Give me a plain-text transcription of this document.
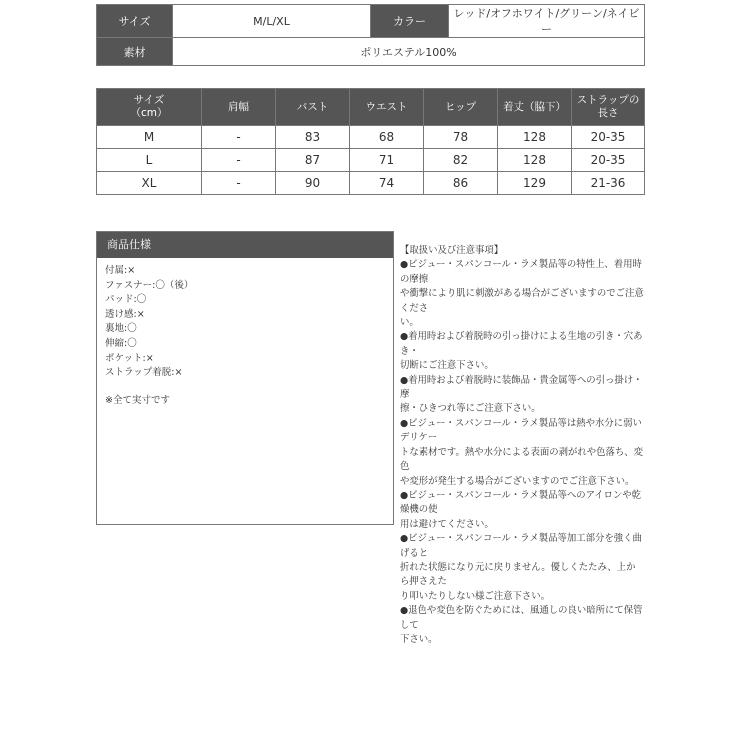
サイズ	M/L/XL	カラー	レッド/オフホワイト/グリーン/ネイビー
素材	ポリエステル100%		
サイズ
（cm）	肩幅	バスト	ウエスト	ヒップ	着丈（脇下）	ストラップの長さ
M	-	83	68	78	128	20-35
L	-	87	71	82	128	20-35
XL	-	90	74	86	129	21-36
商品仕様
付属:×
ファスナー:〇（後）
パッド:〇
透け感:×
裏地:〇
伸縮:〇
ポケット:×
ストラップ着脱:×
※全て実寸です

【取扱い及び注意事項】

●ビジュー・スパンコール・ラメ製品等の特性上、着用時の摩擦

や衝撃により肌に刺激がある場合がございますのでご注意くださ

い。

●着用時および着脱時の引っ掛けによる生地の引き・穴あき・

切断にご注意下さい。

●着用時および着脱時に装飾品・貴金属等への引っ掛け・摩

擦・ひきつれ等にご注意下さい。

●ビジュー・スパンコール・ラメ製品等は熱や水分に弱いデリケー

トな素材です。熱や水分による表面の剥がれや色落ち、変色

や変形が発生する場合がございますのでご注意下さい。

●ビジュー・スパンコール・ラメ製品等へのアイロンや乾燥機の使

用は避けてください。

●ビジュー・スパンコール・ラメ製品等加工部分を強く曲げると

折れた状態になり元に戻りません。優しくたたみ、上から押さえた

り叩いたりしない様ご注意下さい。

●退色や変色を防ぐためには、風通しの良い暗所にて保管して

下さい。
